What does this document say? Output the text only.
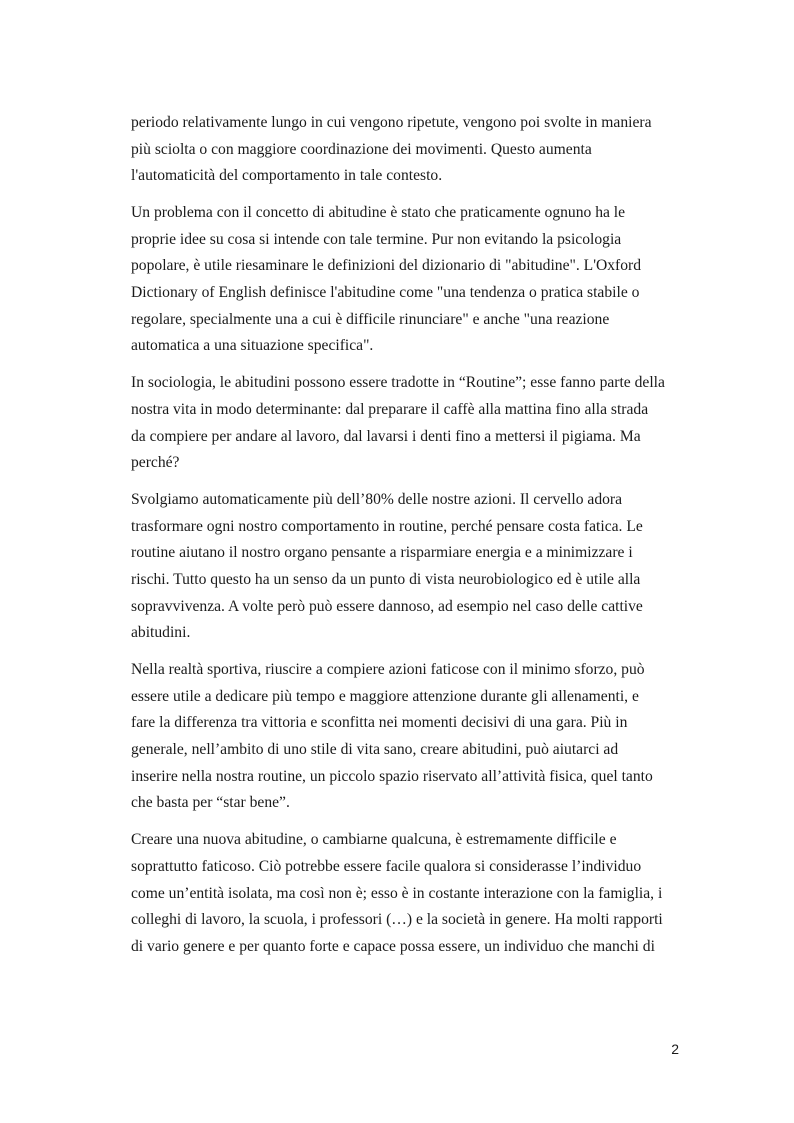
periodo relativamente lungo in cui vengono ripetute, vengono poi svolte in maniera
più sciolta o con maggiore coordinazione dei movimenti. Questo aumenta
l'automaticità del comportamento in tale contesto.

Un problema con il concetto di abitudine è stato che praticamente ognuno ha le
proprie idee su cosa si intende con tale termine. Pur non evitando la psicologia
popolare, è utile riesaminare le definizioni del dizionario di "abitudine". L'Oxford
Dictionary of English definisce l'abitudine come "una tendenza o pratica stabile o
regolare, specialmente una a cui è difficile rinunciare" e anche "una reazione
automatica a una situazione specifica".

In sociologia, le abitudini possono essere tradotte in “Routine”; esse fanno parte della
nostra vita in modo determinante: dal preparare il caffè alla mattina fino alla strada
da compiere per andare al lavoro, dal lavarsi i denti fino a mettersi il pigiama. Ma
perché?

Svolgiamo automaticamente più dell’80% delle nostre azioni. Il cervello adora
trasformare ogni nostro comportamento in routine, perché pensare costa fatica. Le
routine aiutano il nostro organo pensante a risparmiare energia e a minimizzare i
rischi. Tutto questo ha un senso da un punto di vista neurobiologico ed è utile alla
sopravvivenza. A volte però può essere dannoso, ad esempio nel caso delle cattive
abitudini.

Nella realtà sportiva, riuscire a compiere azioni faticose con il minimo sforzo, può
essere utile a dedicare più tempo e maggiore attenzione durante gli allenamenti, e
fare la differenza tra vittoria e sconfitta nei momenti decisivi di una gara. Più in
generale, nell’ambito di uno stile di vita sano, creare abitudini, può aiutarci ad
inserire nella nostra routine, un piccolo spazio riservato all’attività fisica, quel tanto
che basta per “star bene”.

Creare una nuova abitudine, o cambiarne qualcuna, è estremamente difficile e
soprattutto faticoso. Ciò potrebbe essere facile qualora si considerasse l’individuo
come un’entità isolata, ma così non è; esso è in costante interazione con la famiglia, i
colleghi di lavoro, la scuola, i professori (…) e la società in genere. Ha molti rapporti
di vario genere e per quanto forte e capace possa essere, un individuo che manchi di

2
